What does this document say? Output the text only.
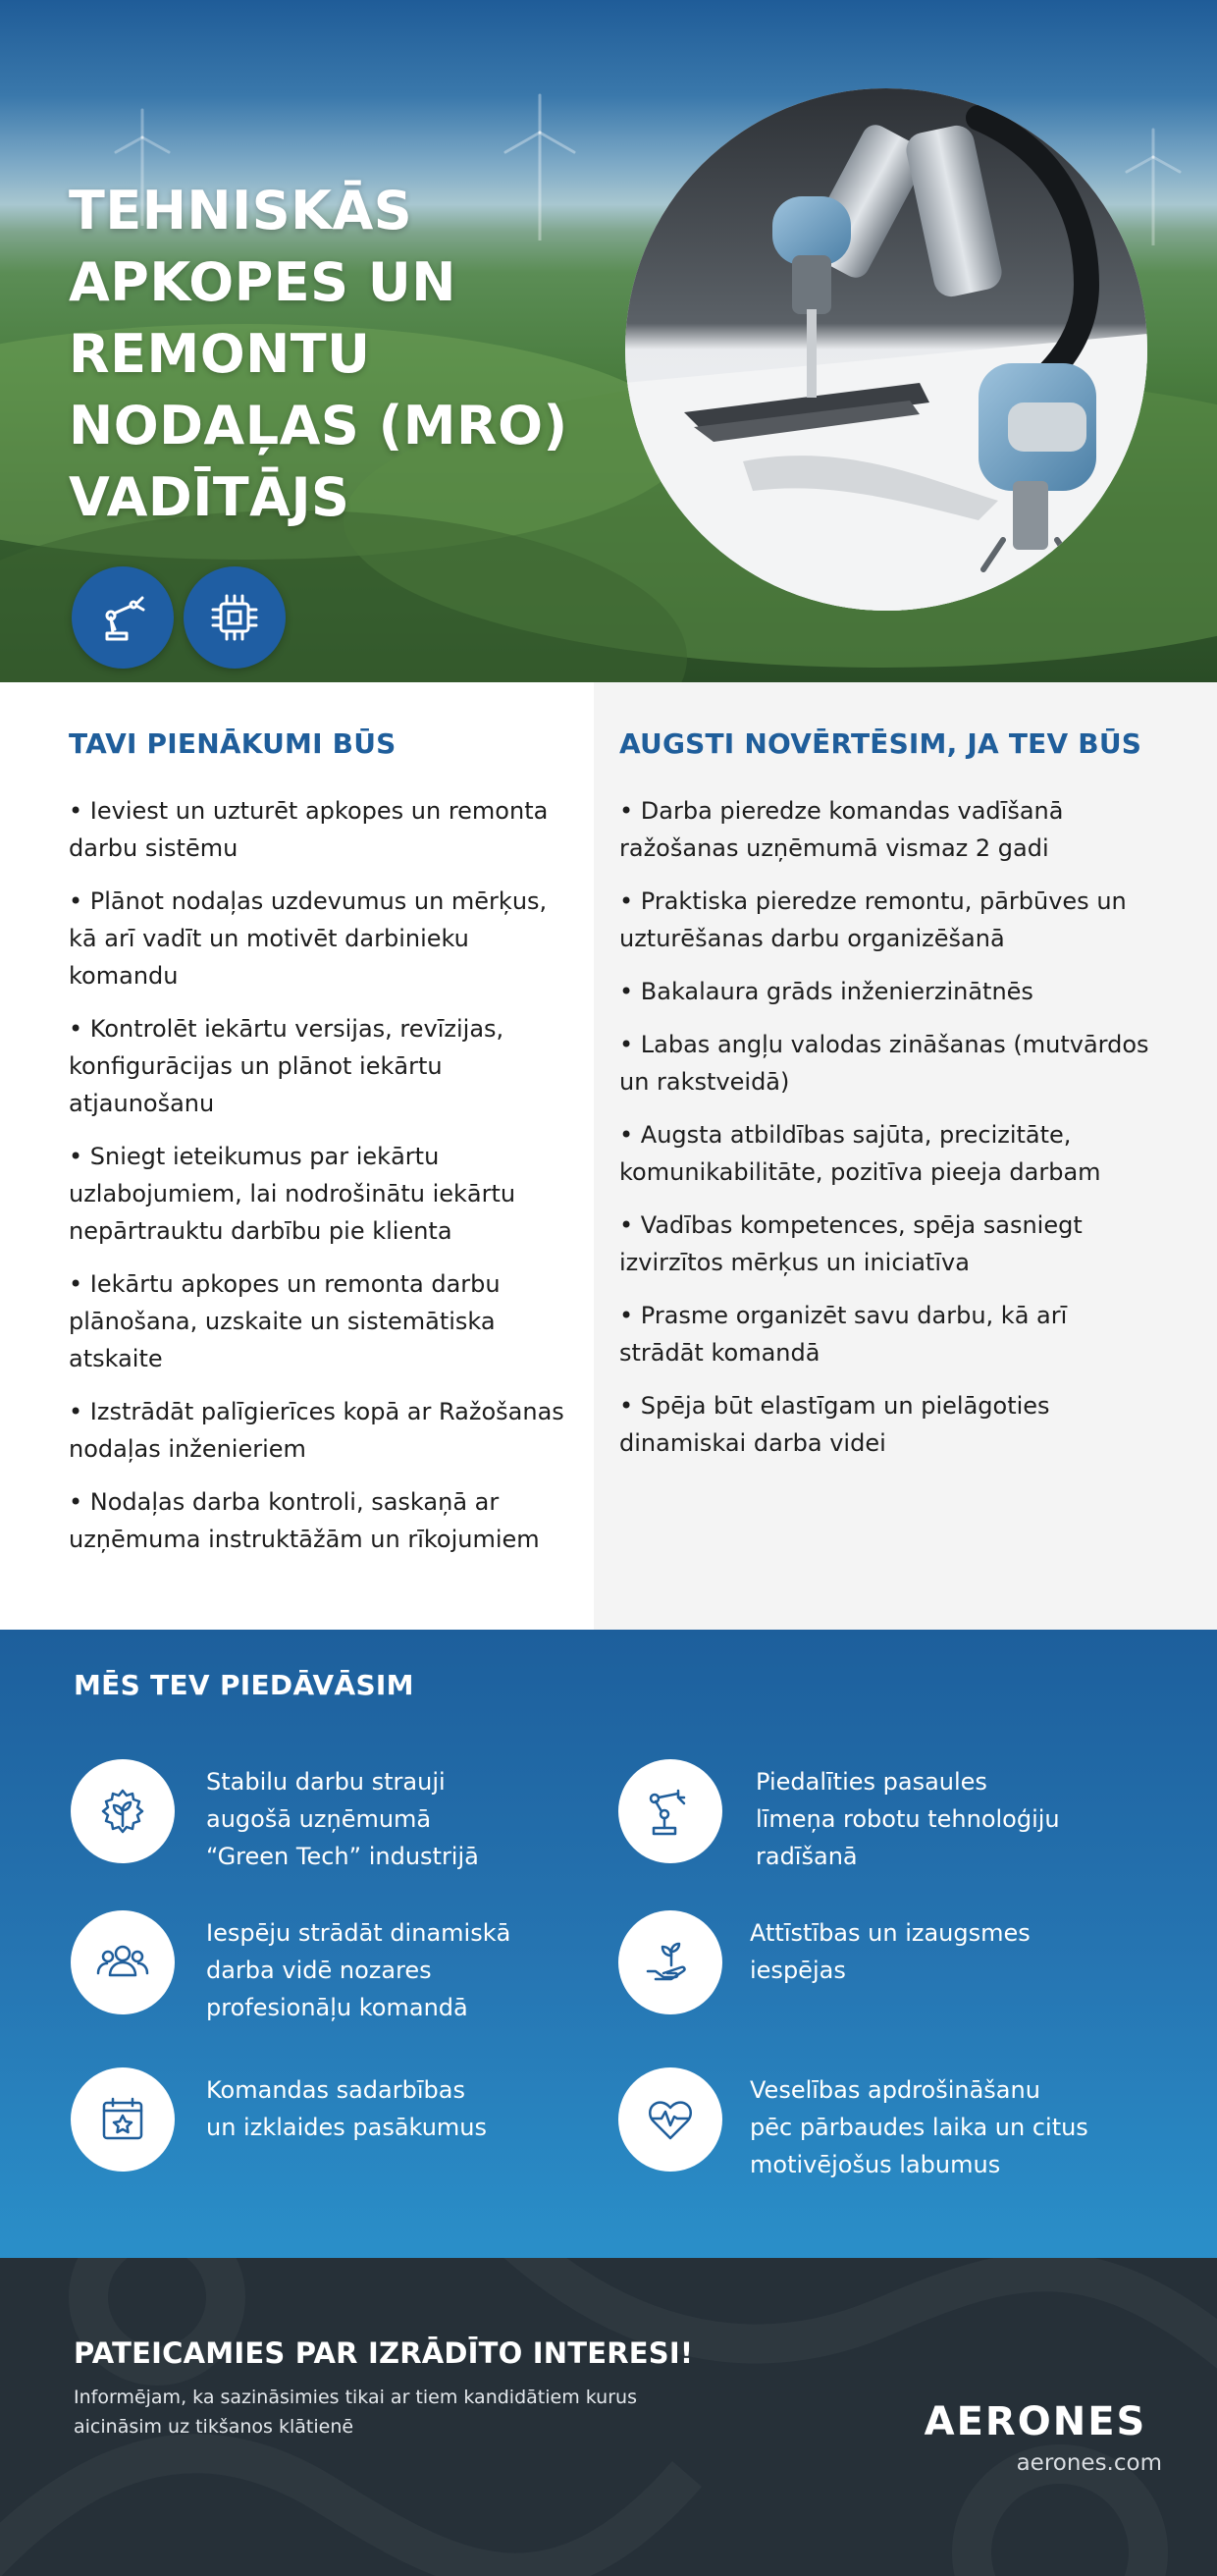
TEHNISKĀS
APKOPES UN
REMONTU
NODAĻAS (MRO)
VADĪTĀJS
TAVI PIENĀKUMI BŪS
• Ieviest un uzturēt apkopes un remonta darbu sistēmu
• Plānot nodaļas uzdevumus un mērķus, kā arī vadīt un motivēt darbinieku komandu
• Kontrolēt iekārtu versijas, revīzijas, konfigurācijas un plānot iekārtu atjaunošanu
• Sniegt ieteikumus par iekārtu uzlabojumiem, lai nodrošinātu iekārtu nepārtrauktu darbību pie klienta
• Iekārtu apkopes un remonta darbu plānošana, uzskaite un sistemātiska atskaite
• Izstrādāt palīgierīces kopā ar Ražošanas nodaļas inženieriem
• Nodaļas darba kontroli, saskaņā ar uzņēmuma instruktāžām un rīkojumiem
AUGSTI NOVĒRTĒSIM, JA TEV BŪS
• Darba pieredze komandas vadīšanā ražošanas uzņēmumā vismaz 2 gadi
• Praktiska pieredze remontu, pārbūves un uzturēšanas darbu organizēšanā
• Bakalaura grāds inženierzinātnēs
• Labas angļu valodas zināšanas (mutvārdos un rakstveidā)
• Augsta atbildības sajūta, precizitāte, komunikabilitāte, pozitīva pieeja darbam
• Vadības kompetences, spēja sasniegt izvirzītos mērķus un iniciatīva
• Prasme organizēt savu darbu, kā arī strādāt komandā
• Spēja būt elastīgam un pielāgoties dinamiskai darba videi
MĒS TEV PIEDĀVĀSIM
Stabilu darbu strauji
augošā uzņēmumā
“Green Tech” industrijā
Piedalīties pasaules
līmeņa robotu tehnoloģiju
radīšanā
Iespēju strādāt dinamiskā
darba vidē nozares
profesionāļu komandā
Attīstības un izaugsmes
iespējas
Komandas sadarbības
un izklaides pasākumus
Veselības apdrošināšanu
pēc pārbaudes laika un citus
motivējošus labumus
PATEICAMIES PAR IZRĀDĪTO INTERESI!
Informējam, ka sazināsimies tikai ar tiem kandidātiem kurus
aicināsim uz tikšanos klātienē	AERONES
aerones.com
